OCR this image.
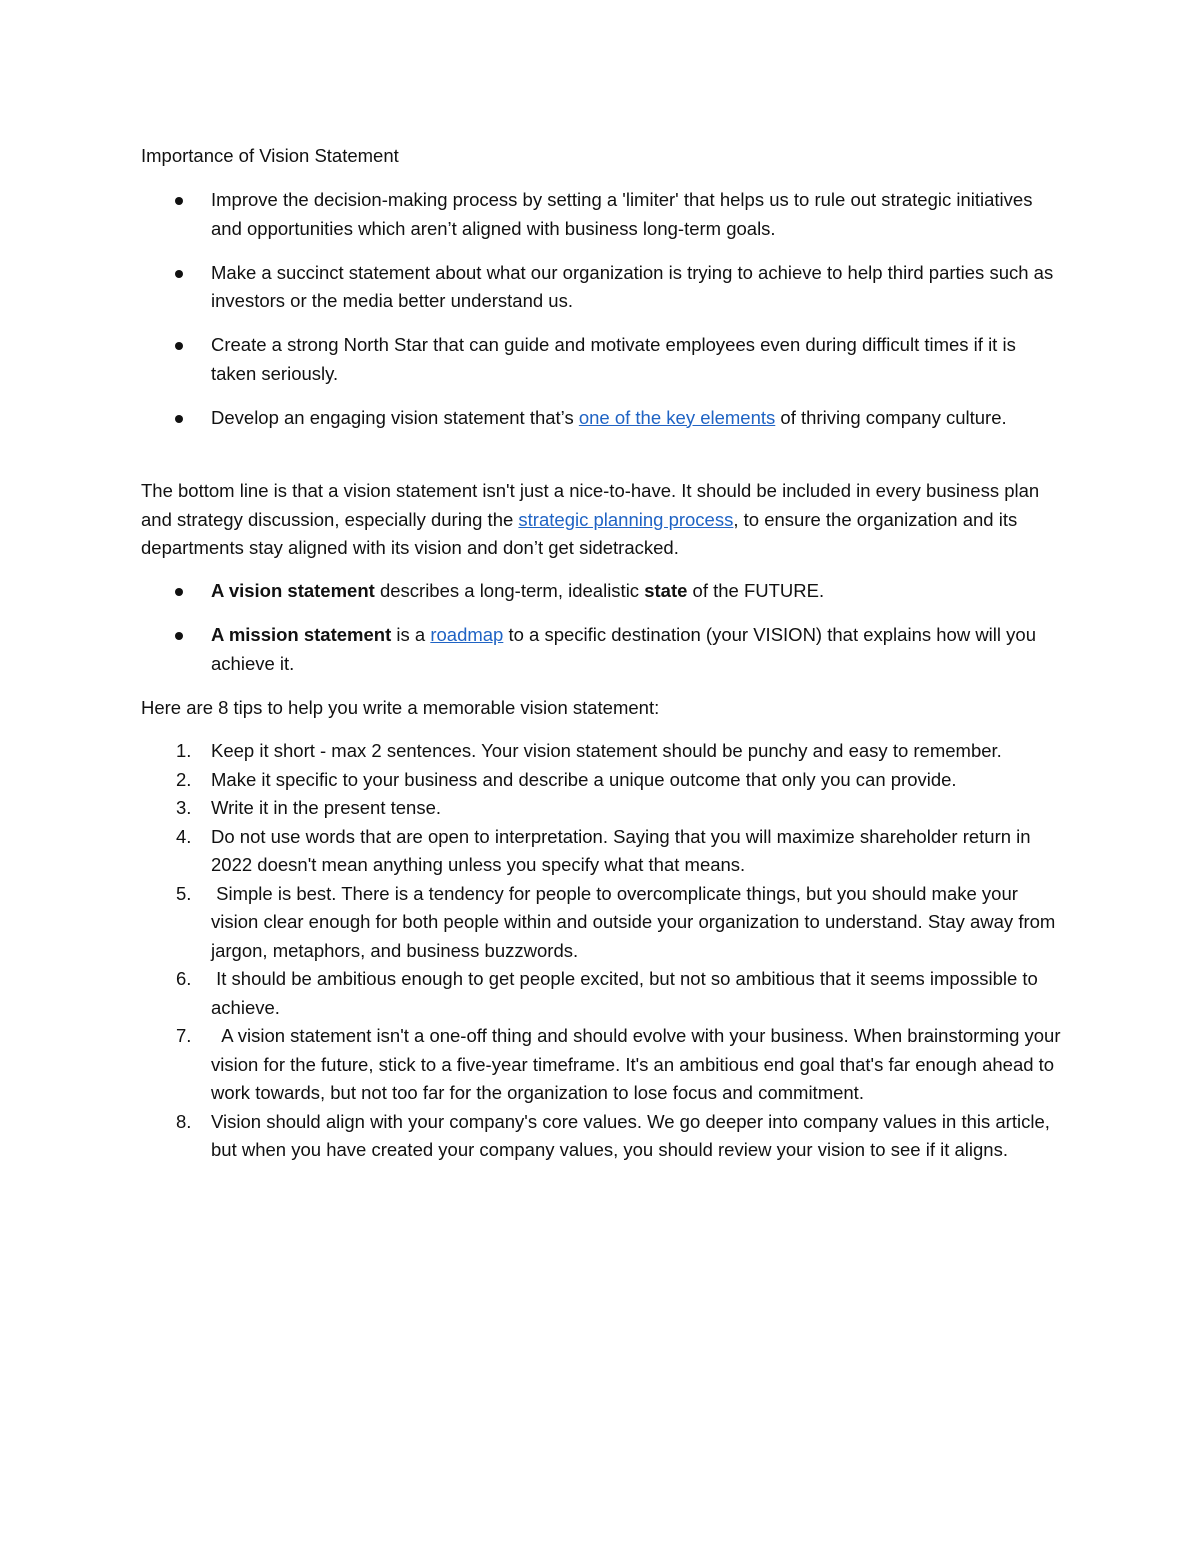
Importance of Vision Statement
Improve the decision-making process by setting a 'limiter' that helps us to rule out strategic initiatives and opportunities which aren’t aligned with business long-term goals.
Make a succinct statement about what our organization is trying to achieve to help third parties such as investors or the media better understand us.
Create a strong North Star that can guide and motivate employees even during difficult times if it is taken seriously.
Develop an engaging vision statement that’s one of the key elements of thriving company culture.

The bottom line is that a vision statement isn't just a nice-to-have. It should be included in every business plan and strategy discussion, especially during the strategic planning process, to ensure the organization and its departments stay aligned with its vision and don’t get sidetracked.

A vision statement describes a long-term, idealistic state of the FUTURE.
A mission statement is a roadmap to a specific destination (your VISION) that explains how will you achieve it.

Here are 8 tips to help you write a memorable vision statement:

1. Keep it short - max 2 sentences. Your vision statement should be punchy and easy to remember.
2. Make it specific to your business and describe a unique outcome that only you can provide.
3. Write it in the present tense.
4. Do not use words that are open to interpretation. Saying that you will maximize shareholder return in 2022 doesn't mean anything unless you specify what that means.
5. Simple is best. There is a tendency for people to overcomplicate things, but you should make your vision clear enough for both people within and outside your organization to understand. Stay away from jargon, metaphors, and business buzzwords.
6. It should be ambitious enough to get people excited, but not so ambitious that it seems impossible to achieve.
7. A vision statement isn't a one-off thing and should evolve with your business. When brainstorming your vision for the future, stick to a five-year timeframe. It's an ambitious end goal that's far enough ahead to work towards, but not too far for the organization to lose focus and commitment.
8. Vision should align with your company's core values. We go deeper into company values in this article, but when you have created your company values, you should review your vision to see if it aligns.
